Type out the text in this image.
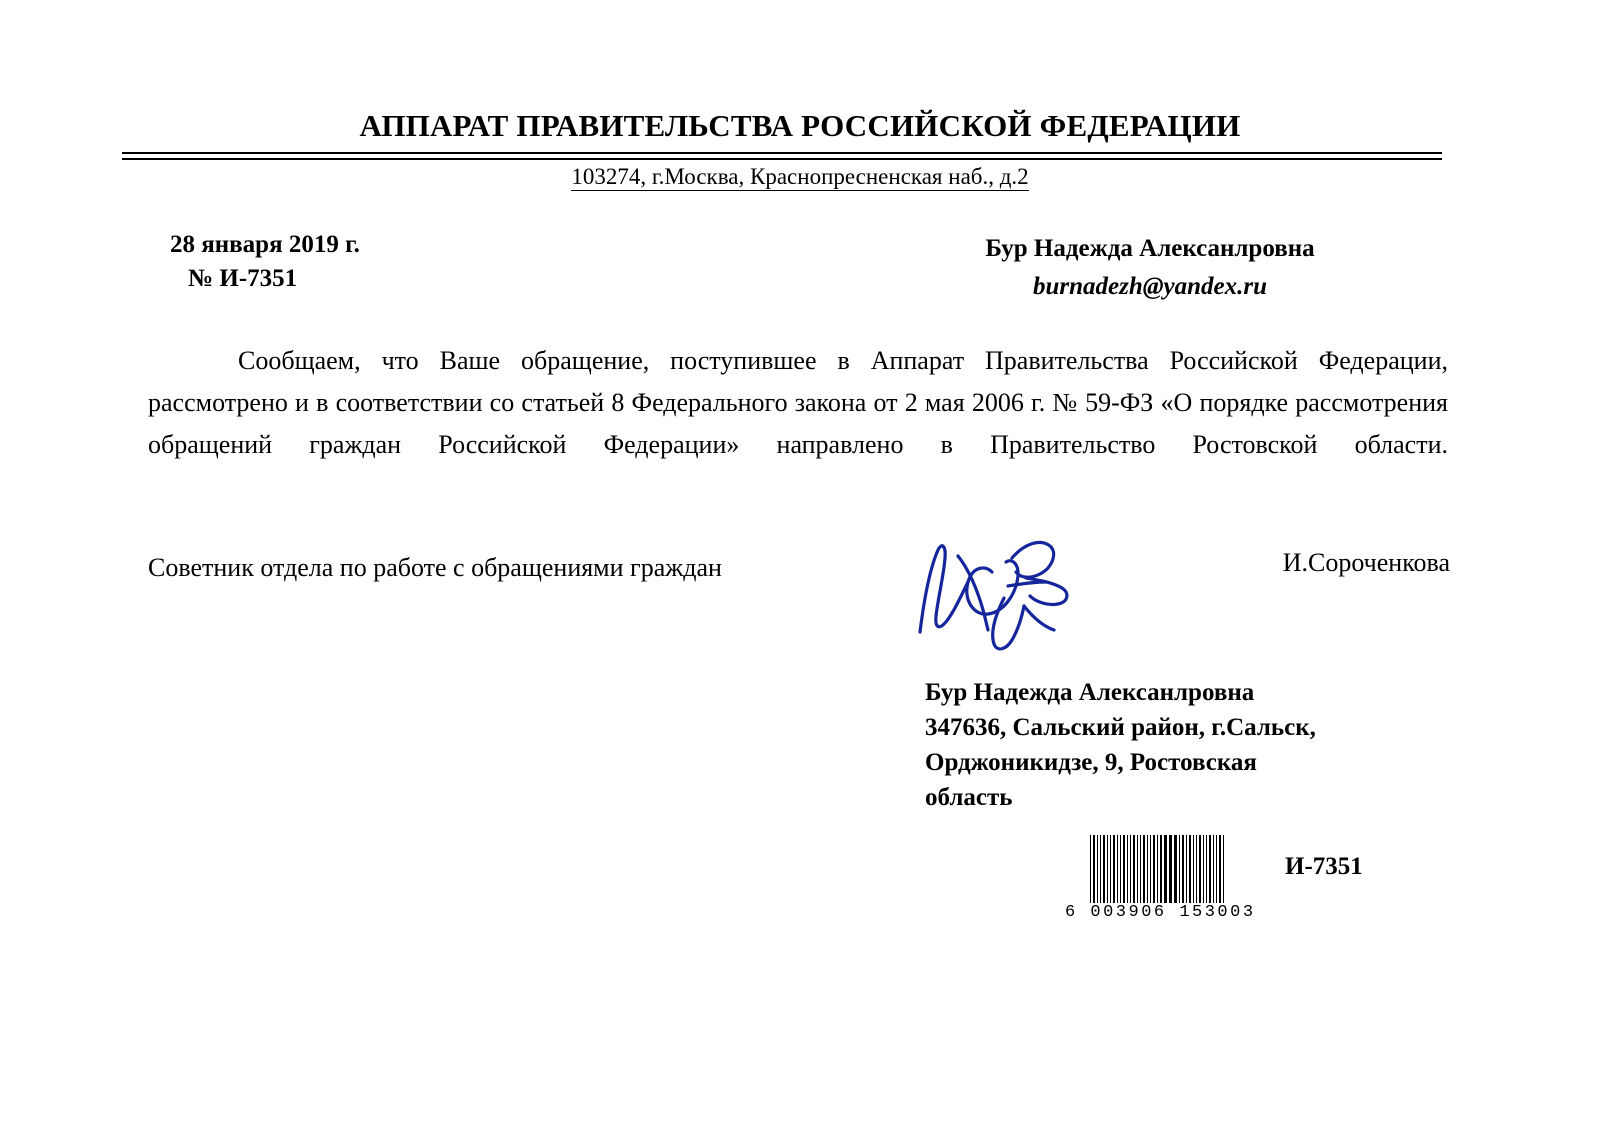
АППАРАТ ПРАВИТЕЛЬСТВА РОССИЙСКОЙ ФЕДЕРАЦИИ
103274, г.Москва, Краснопресненская наб., д.2
28 января 2019 г.
№ И-7351
Бур Надежда Алексанлровна
burnadezh@yandex.ru
Сообщаем, что Ваше обращение, поступившее в Аппарат Правительства Российской Федерации, рассмотрено и в соответствии со статьей 8 Федерального закона от 2 мая 2006 г. № 59-ФЗ «О порядке рассмотрения обращений граждан Российской Федерации» направлено в Правительство Ростовской области.
Советник отдела по работе с обращениями граждан	И.Сороченкова
Бур Надежда Алексанлровна
347636, Сальский район, г.Сальск,
Орджоникидзе, 9, Ростовская
область
6 003906 153003
И-7351
